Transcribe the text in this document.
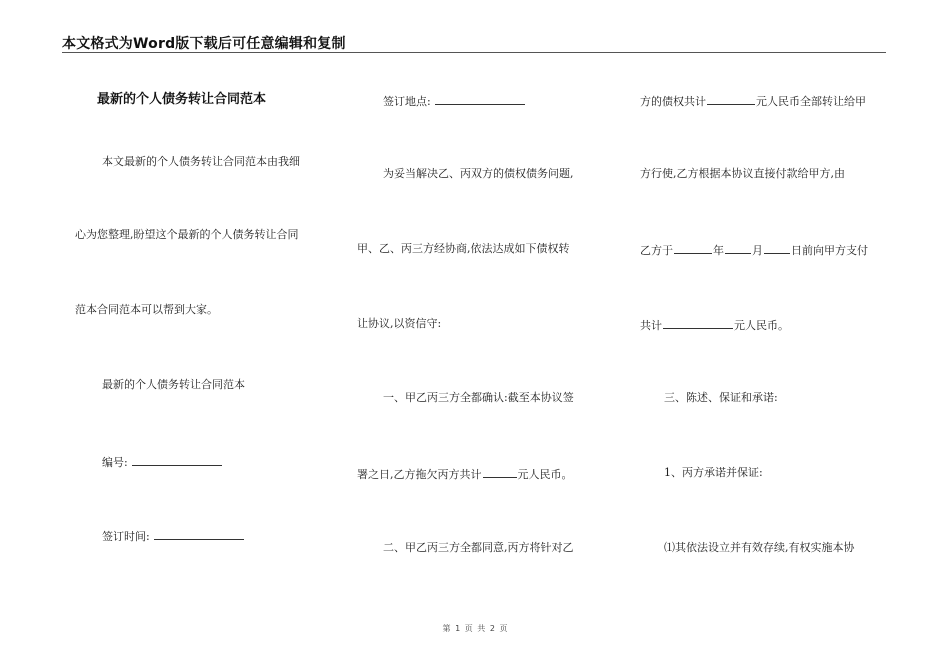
本文格式为Word版下载后可任意编辑和复制
最新的个人债务转让合同范本
本文最新的个人债务转让合同范本由我细
心为您整理,盼望这个最新的个人债务转让合同
范本合同范本可以帮到大家。
最新的个人债务转让合同范本
编号:
签订时间:
签订地点:
为妥当解决乙、丙双方的债权债务问题,
甲、乙、丙三方经协商,依法达成如下债权转
让协议,以资信守:
一、甲乙丙三方全都确认:截至本协议签
署之日,乙方拖欠丙方共计	元人民币。
二、甲乙丙三方全都同意,丙方将针对乙
方的债权共计	元人民币全部转让给甲
方行使,乙方根据本协议直接付款给甲方,由
乙方于	年	月	日前向甲方支付
共计	元人民币。
三、陈述、保证和承诺:
1、丙方承诺并保证:
⑴其依法设立并有效存续,有权实施本协
第 1 页 共 2 页
